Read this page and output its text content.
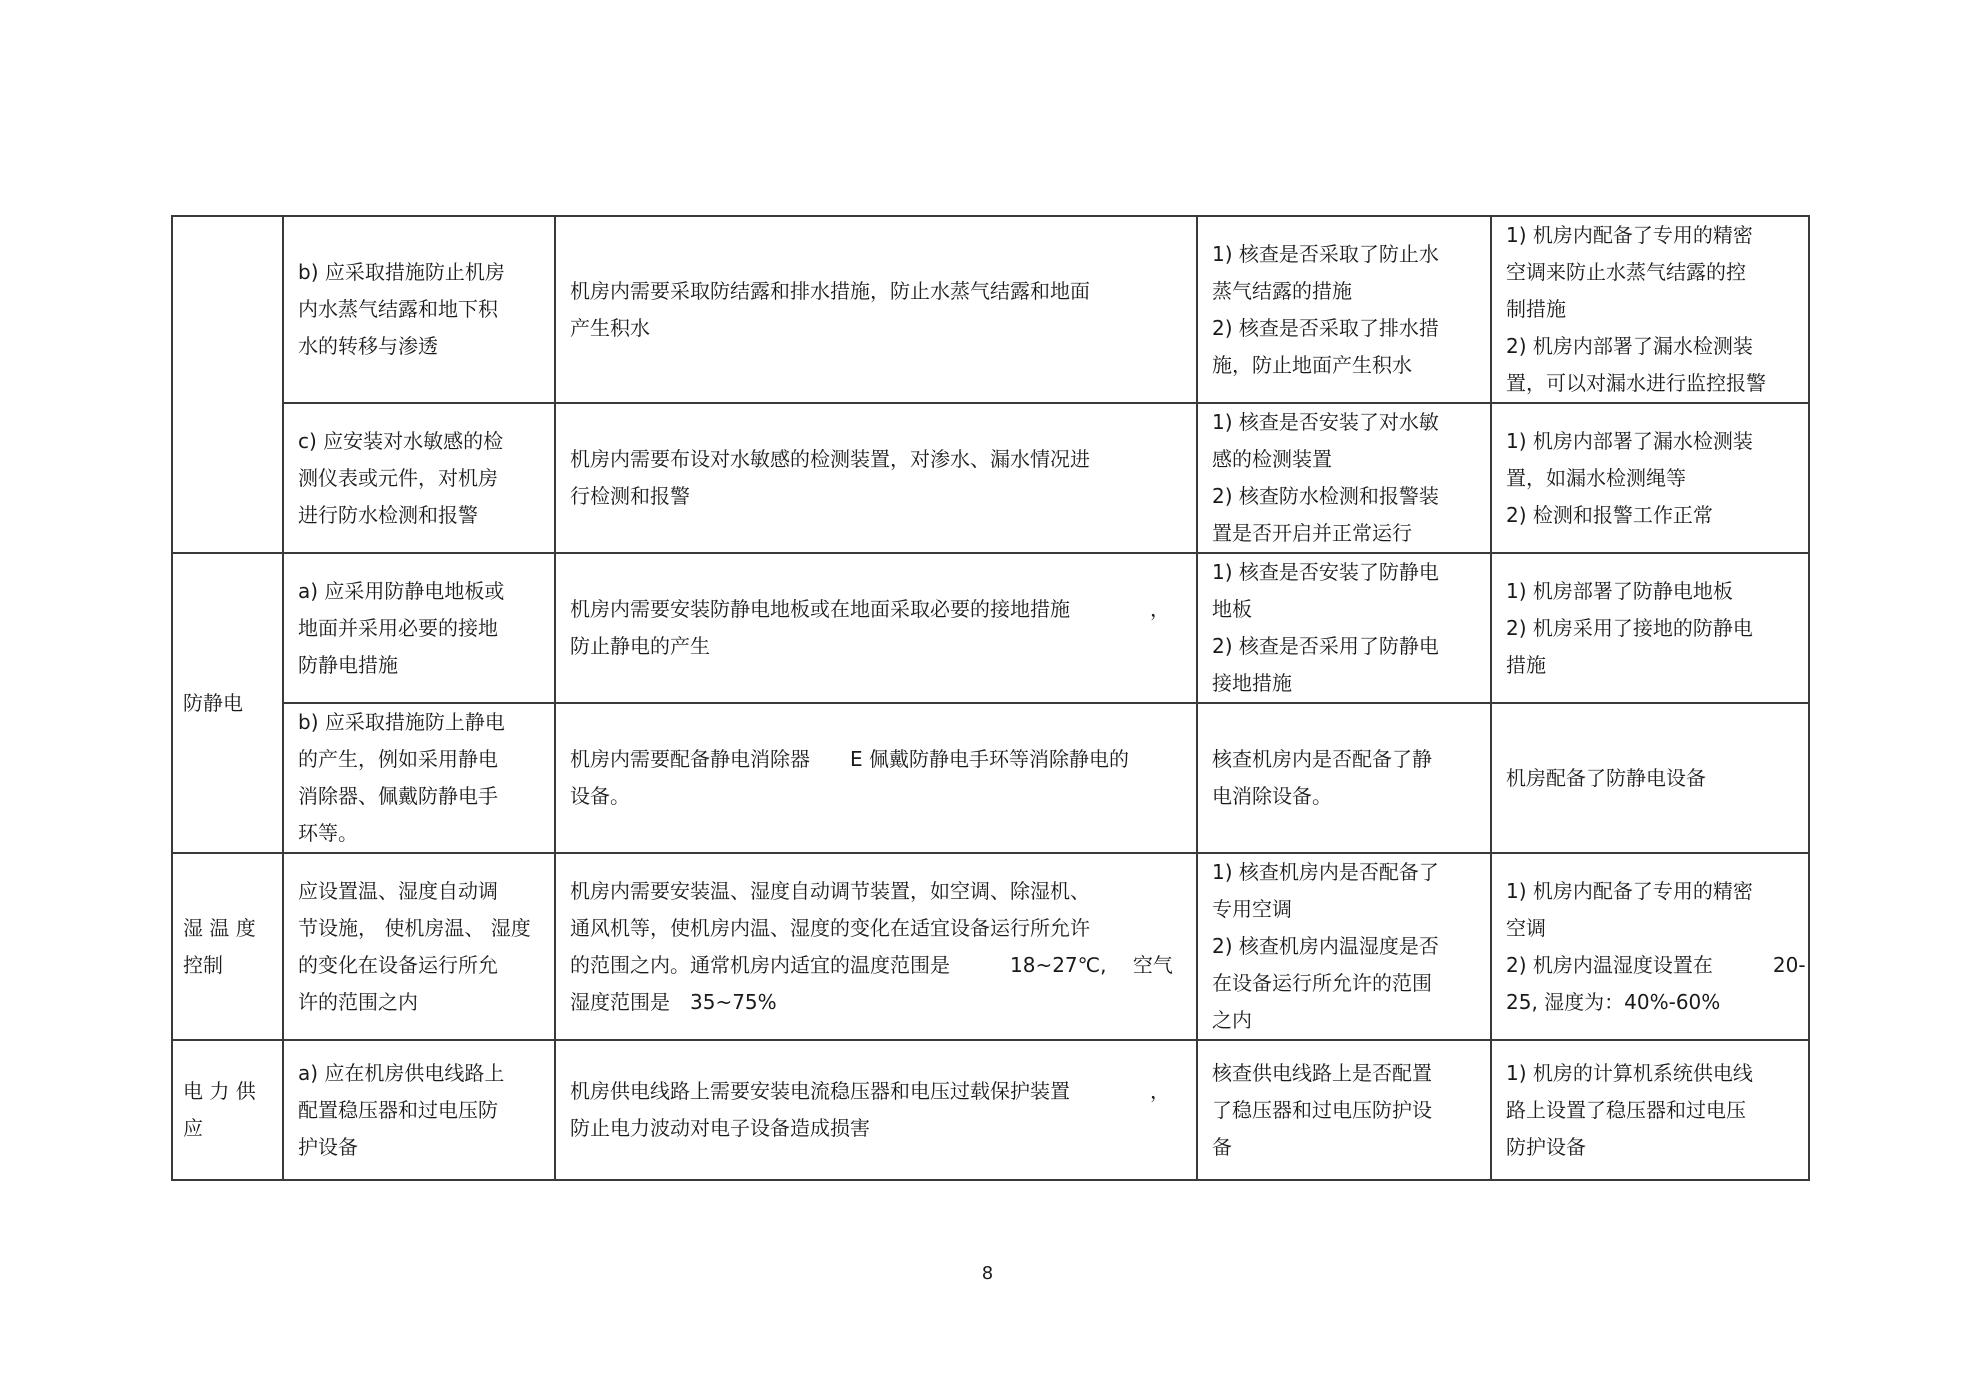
	b) 应采取措施防止机房
内水蒸气结露和地下积
水的转移与渗透	机房内需要采取防结露和排水措施，防止水蒸气结露和地面
产生积水	1) 核查是否采取了防止水
蒸气结露的措施
2) 核查是否采取了排水措
施，防止地面产生积水	1) 机房内配备了专用的精密
空调来防止水蒸气结露的控
制措施
2) 机房内部署了漏水检测装
置，可以对漏水进行监控报警

	c) 应安装对水敏感的检
测仪表或元件，对机房
进行防水检测和报警	机房内需要布设对水敏感的检测装置，对渗水、漏水情况进
行检测和报警	1) 核查是否安装了对水敏
感的检测装置
2) 核查防水检测和报警装
置是否开启并正常运行	1) 机房内部署了漏水检测装
置，如漏水检测绳等
2) 检测和报警工作正常

防静电	a) 应采用防静电地板或
地面并采用必要的接地
防静电措施	机房内需要安装防静电地板或在地面采取必要的接地措施　　　　，
防止静电的产生	1) 核查是否安装了防静电
地板
2) 核查是否采用了防静电
接地措施	1) 机房部署了防静电地板
2) 机房采用了接地的防静电
措施

	b) 应采取措施防上静电
的产生，例如采用静电
消除器、佩戴防静电手
环等。	机房内需要配备静电消除器　　E 佩戴防静电手环等消除静电的
设备。	核查机房内是否配备了静
电消除设备。	机房配备了防静电设备

湿 温 度
控制	应设置温、湿度自动调
节设施， 使机房温、 湿度
的变化在设备运行所允
许的范围之内	机房内需要安装温、湿度自动调节装置，如空调、除湿机、
通风机等，使机房内温、湿度的变化在适宜设备运行所允许
的范围之内。通常机房内适宜的温度范围是　　　18~27℃,　 空气
湿度范围是　35~75%	1) 核查机房内是否配备了
专用空调
2) 核查机房内温湿度是否
在设备运行所允许的范围
之内	1) 机房内配备了专用的精密
空调
2) 机房内温湿度设置在　　　20-
25, 湿度为：40%-60%

电 力 供
应	a) 应在机房供电线路上
配置稳压器和过电压防
护设备	机房供电线路上需要安装电流稳压器和电压过载保护装置　　　　，
防止电力波动对电子设备造成损害	核查供电线路上是否配置
了稳压器和过电压防护设
备	1) 机房的计算机系统供电线
路上设置了稳压器和过电压
防护设备
8
